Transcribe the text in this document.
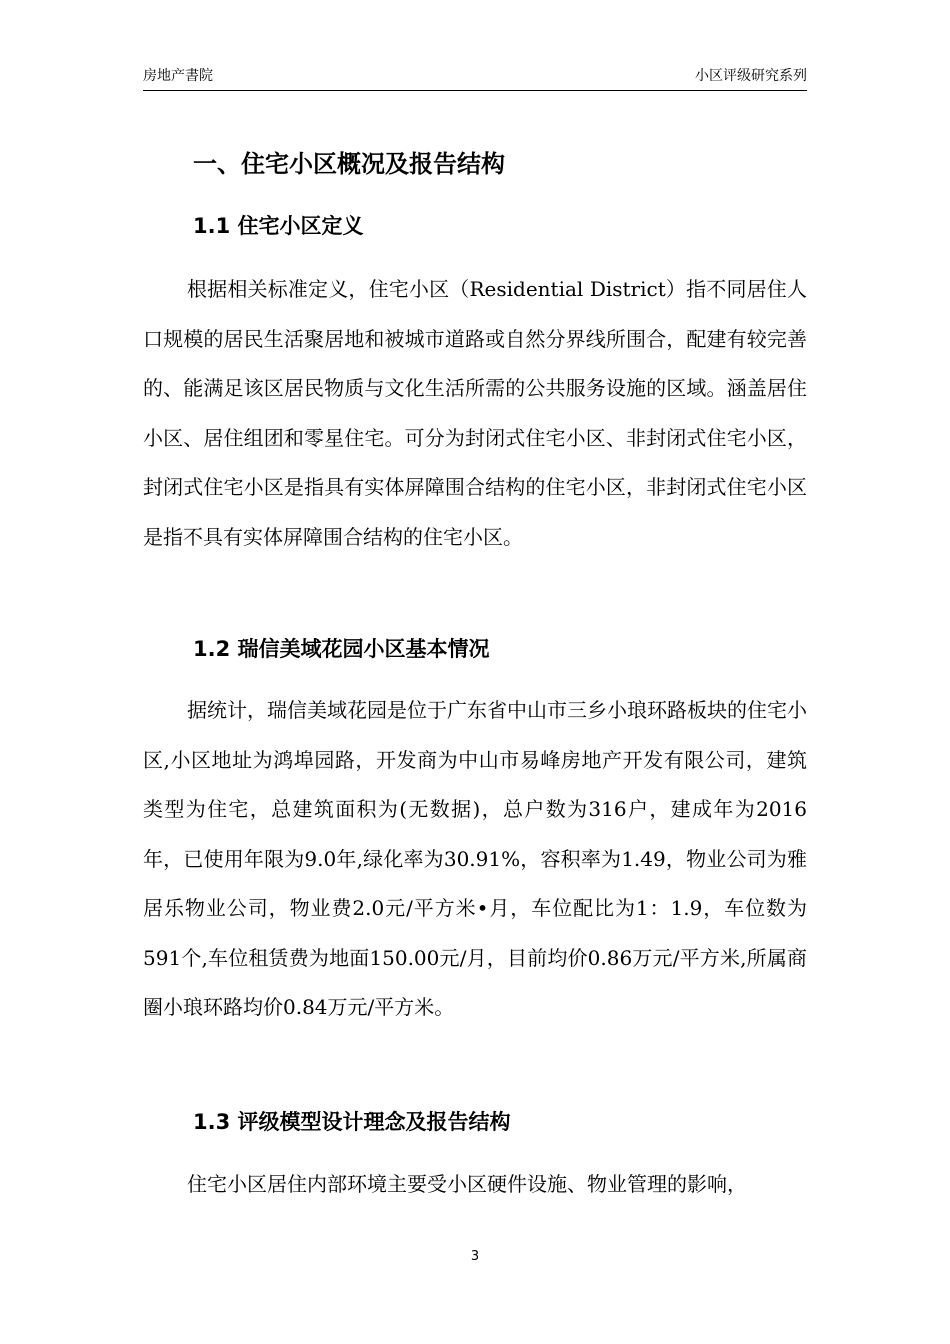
房地产書院	小区评级研究系列
一、住宅小区概况及报告结构
1.1 住宅小区定义

根据相关标准定义，住宅小区（Residential District）指不同居住人口规模的居民生活聚居地和被城市道路或自然分界线所围合，配建有较完善的、能满足该区居民物质与文化生活所需的公共服务设施的区域。涵盖居住小区、居住组团和零星住宅。可分为封闭式住宅小区、非封闭式住宅小区，封闭式住宅小区是指具有实体屏障围合结构的住宅小区，非封闭式住宅小区是指不具有实体屏障围合结构的住宅小区。

1.2 瑞信美域花园小区基本情况

据统计，瑞信美域花园是位于广东省中山市三乡小琅环路板块的住宅小区,小区地址为鸿埠园路，开发商为中山市易峰房地产开发有限公司，建筑类型为住宅，总建筑面积为(无数据)，总户数为316户，建成年为2016年，已使用年限为9.0年,绿化率为30.91%，容积率为1.49，物业公司为雅居乐物业公司，物业费2.0元/平方米•月，车位配比为1：1.9，车位数为591个,车位租赁费为地面150.00元/月，目前均价0.86万元/平方米,所属商圈小琅环路均价0.84万元/平方米。

1.3 评级模型设计理念及报告结构

住宅小区居住内部环境主要受小区硬件设施、物业管理的影响，

3
